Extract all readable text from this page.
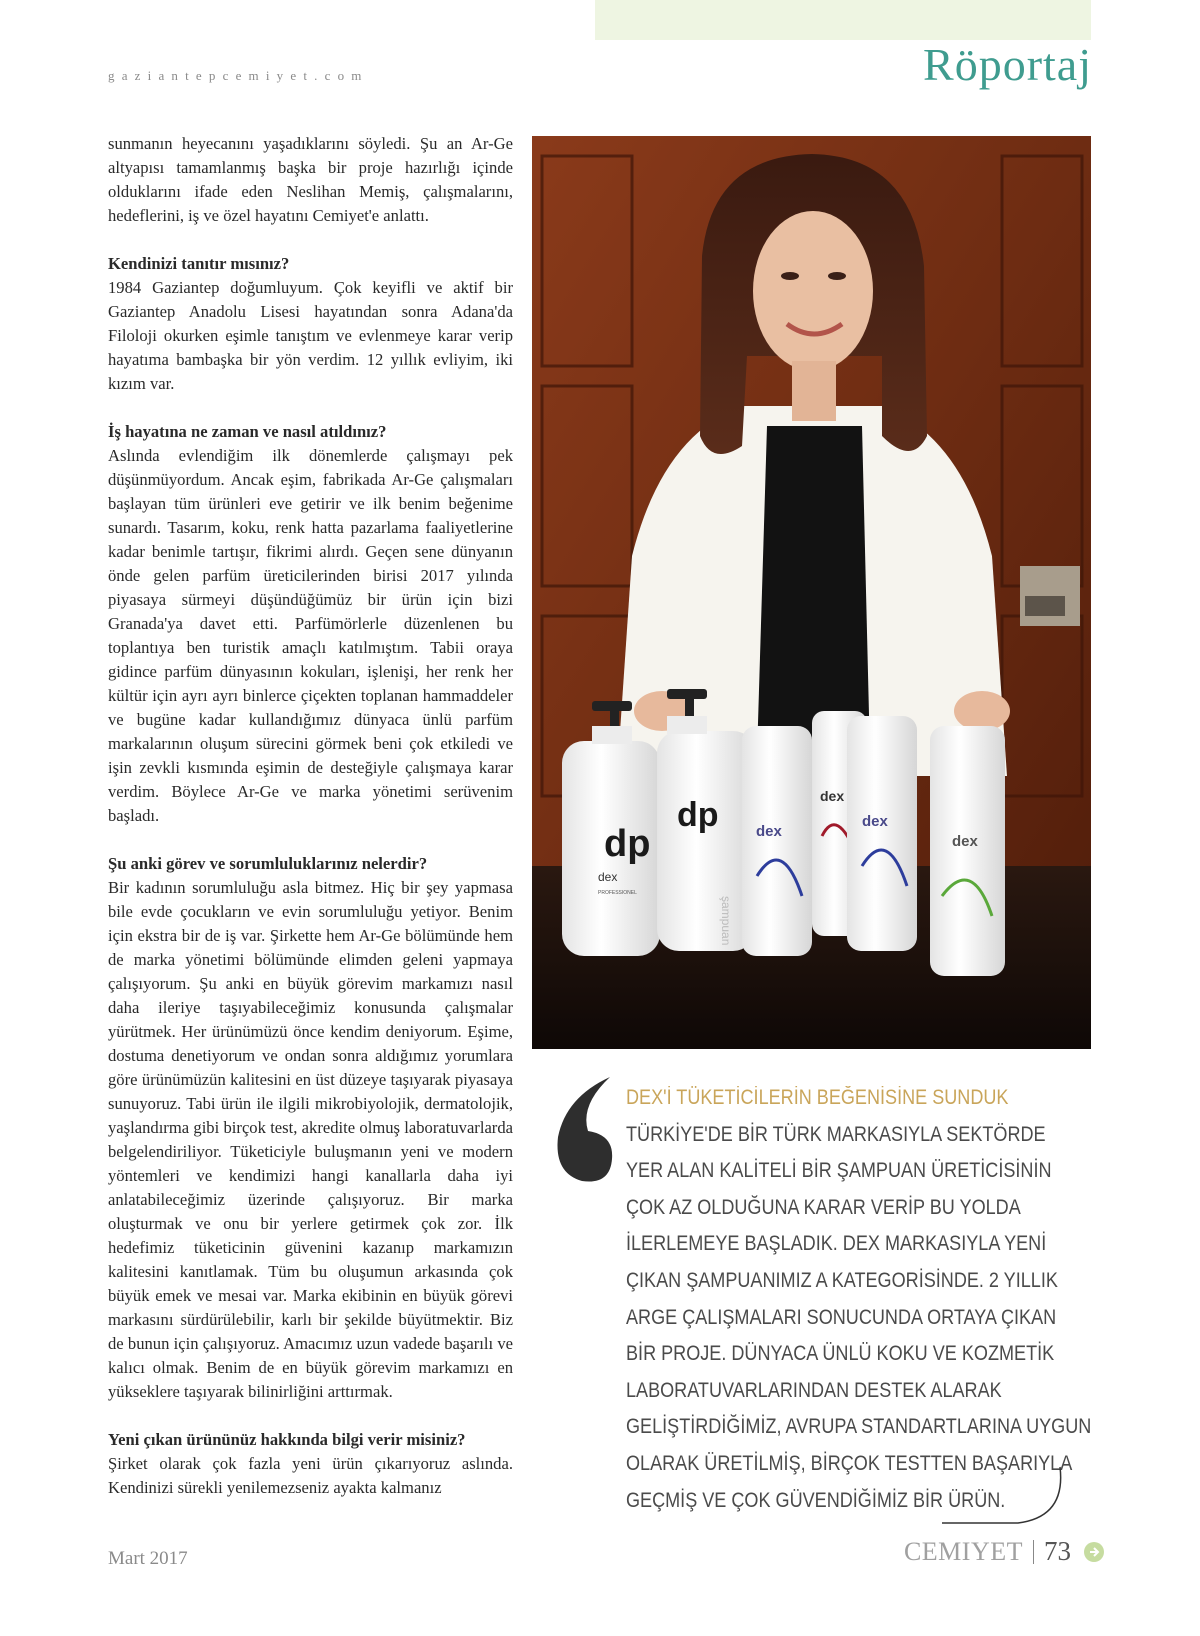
gaziantepcemiyet.com	Röportaj

sunmanın heyecanını yaşadıklarını söyledi. Şu an Ar-Ge altyapısı tamamlanmış başka bir proje hazırlığı içinde olduklarını ifade eden Neslihan Memiş, çalışmalarını, hedeflerini, iş ve özel hayatını Cemiyet'e anlattı.

Kendinizi tanıtır mısınız?

1984 Gaziantep doğumluyum. Çok keyifli ve aktif bir Gaziantep Anadolu Lisesi hayatından sonra Adana'da Filoloji okurken eşimle tanıştım ve evlenmeye karar verip hayatıma bambaşka bir yön verdim. 12 yıllık evliyim, iki kızım var.

İş hayatına ne zaman ve nasıl atıldınız?

Aslında evlendiğim ilk dönemlerde çalışmayı pek düşünmüyordum. Ancak eşim, fabrikada Ar-Ge çalışmaları başlayan tüm ürünleri eve getirir ve ilk benim beğenime sunardı. Tasarım, koku, renk hatta pazarlama faaliyetlerine kadar benimle tartışır, fikrimi alırdı. Geçen sene dünyanın önde gelen parfüm üreticilerinden birisi 2017 yılında piyasaya sürmeyi düşündüğümüz bir ürün için bizi Granada'ya davet etti. Parfümörlerle düzenlenen bu toplantıya ben turistik amaçlı katılmıştım. Tabii oraya gidince parfüm dünyasının kokuları, işlenişi, her renk her kültür için ayrı ayrı binlerce çiçekten toplanan hammaddeler ve bugüne kadar kullandığımız dünyaca ünlü parfüm markalarının oluşum sürecini görmek beni çok etkiledi ve işin zevkli kısmında eşimin de desteğiyle çalışmaya karar verdim. Böylece Ar-Ge ve marka yönetimi serüvenim başladı.

Şu anki görev ve sorumluluklarınız nelerdir?

Bir kadının sorumluluğu asla bitmez. Hiç bir şey yapmasa bile evde çocukların ve evin sorumluluğu yetiyor. Benim için ekstra bir de iş var. Şirkette hem Ar-Ge bölümünde hem de marka yönetimi bölümünde elimden geleni yapmaya çalışıyorum. Şu anki en büyük görevim markamızı nasıl daha ileriye taşıyabileceğimiz konusunda çalışmalar yürütmek. Her ürünümüzü önce kendim deniyorum. Eşime, dostuma denetiyorum ve ondan sonra aldığımız yorumlara göre ürünümüzün kalitesini en üst düzeye taşıyarak piyasaya sunuyoruz. Tabi ürün ile ilgili mikrobiyolojik, dermatolojik, yaşlandırma gibi birçok test, akredite olmuş laboratuvarlarda belgelendiriliyor. Tüketiciyle buluşmanın yeni ve modern yöntemleri ve kendimizi hangi kanallarla daha iyi anlatabileceğimiz üzerinde çalışıyoruz. Bir marka oluşturmak ve onu bir yerlere getirmek çok zor. İlk hedefimiz tüketicinin güvenini kazanıp markamızın kalitesini kanıtlamak. Tüm bu oluşumun arkasında çok büyük emek ve mesai var. Marka ekibinin en büyük görevi markasını sürdürülebilir, karlı bir şekilde büyütmektir. Biz de bunun için çalışıyoruz. Amacımız uzun vadede başarılı ve kalıcı olmak. Benim de en büyük görevim markamızı en yükseklere taşıyarak bilinirliğini arttırmak.

Yeni çıkan ürününüz hakkında bilgi verir misiniz?

Şirket olarak çok fazla yeni ürün çıkarıyoruz aslında. Kendinizi sürekli yenilemezseniz ayakta kalmanız

dp
dex
PROFESSIONEL
dp
şampuan
dex
dex
dex
dex
DEX'İ TÜKETİCİLERİN BEĞENİSİNE SUNDUK
TÜRKİYE'DE BİR TÜRK MARKASIYLA SEKTÖRDE
YER ALAN KALİTELİ BİR ŞAMPUAN ÜRETİCİSİNİN
ÇOK AZ OLDUĞUNA KARAR VERİP BU YOLDA
İLERLEMEYE BAŞLADIK. DEX MARKASIYLA YENİ
ÇIKAN ŞAMPUANIMIZ A KATEGORİSİNDE. 2 YILLIK
ARGE ÇALIŞMALARI SONUCUNDA ORTAYA ÇIKAN
BİR PROJE. DÜNYACA ÜNLÜ KOKU VE KOZMETİK
LABORATUVARLARINDAN DESTEK ALARAK
GELİŞTİRDİĞİMİZ, AVRUPA STANDARTLARINA UYGUN
OLARAK ÜRETİLMİŞ, BİRÇOK TESTTEN BAŞARIYLA
GEÇMİŞ VE ÇOK GÜVENDİĞİMİZ BİR ÜRÜN.
Mart 2017	CEMIYET 73
